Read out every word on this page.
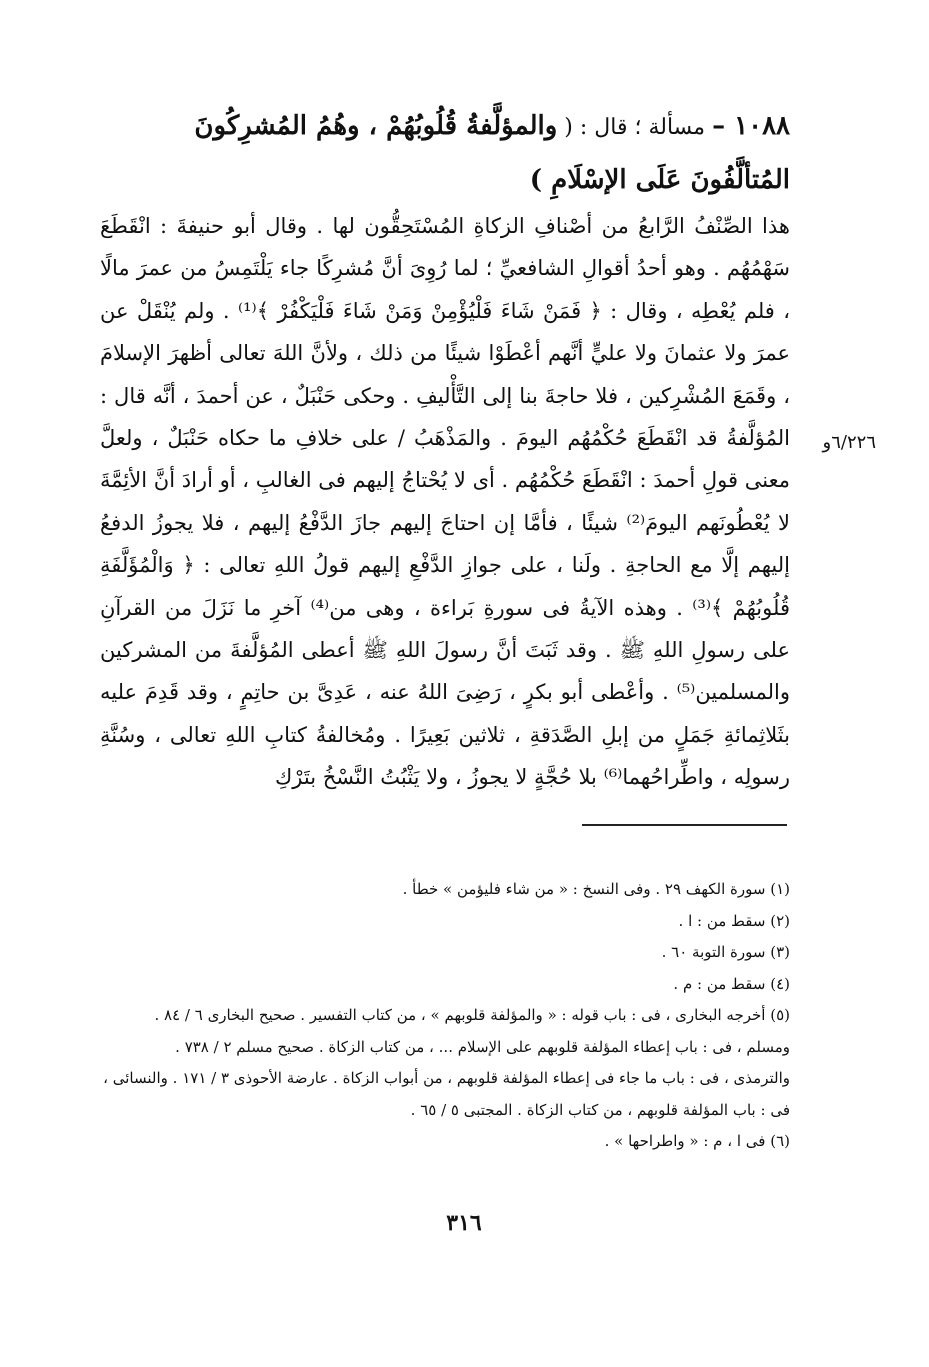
١٠٨٨ – مسألة ؛ قال : ( والمؤلَّفةُ قُلُوبُهُمْ ، وهُمُ المُشرِكُونَ المُتألَّفُونَ عَلَى الإسْلَامِ )
٦/٢٢٦و
هذا الصِّنْفُ الرَّابعُ من أصْنافِ الزكاةِ المُسْتَحِقُّون لها . وقال أبو حنيفةَ : انْقَطَعَ سَهْمُهُم . وهو أحدُ أقوالِ الشافعيِّ ؛ لما رُوِىَ أنَّ مُشرِكًا جاء يَلْتَمِسُ من عمرَ مالًا ، فلم يُعْطِه ، وقال : ﴿ فَمَنْ شَاءَ فَلْيُؤْمِنْ وَمَنْ شَاءَ فَلْيَكْفُرْ ﴾⁽¹⁾ . ولم يُنْقَلْ عن عمرَ ولا عثمانَ ولا عليٍّ أنَّهم أعْطَوْا شيئًا من ذلك ، ولأنَّ اللهَ تعالى أظهرَ الإسلامَ ، وقَمَعَ المُشْرِكين ، فلا حاجةَ بنا إلى التَّأْليفِ . وحكى حَنْبَلٌ ، عن أحمدَ ، أنَّه قال : المُؤلَّفةُ قد انْقَطَعَ حُكْمُهُم اليومَ . والمَذْهَبُ / على خلافِ ما حكاه حَنْبَلٌ ، ولعلَّ معنى قولِ أحمدَ : انْقَطَعَ حُكْمُهُم . أى لا يُحْتاجُ إليهم فى الغالبِ ، أو أرادَ أنَّ الأئِمَّةَ لا يُعْطُونَهم اليومَ⁽²⁾ شيئًا ، فأمَّا إن احتاجَ إليهم جازَ الدَّفْعُ إليهم ، فلا يجوزُ الدفعُ إليهم إلَّا مع الحاجةِ . ولَنا ، على جوازِ الدَّفْعِ إليهم قولُ اللهِ تعالى : ﴿ وَالْمُؤَلَّفَةِ قُلُوبُهُمْ ﴾⁽³⁾ . وهذه الآيةُ فى سورةِ بَراءة ، وهى من⁽⁴⁾ آخرِ ما نَزَلَ من القرآنِ على رسولِ اللهِ ﷺ . وقد ثَبَتَ أنَّ رسولَ اللهِ ﷺ أعطى المُؤلَّفةَ من المشركين والمسلمين⁽⁵⁾ . وأعْطى أبو بكرٍ ، رَضِىَ اللهُ عنه ، عَدِىَّ بن حاتِمٍ ، وقد قَدِمَ عليه بثَلاثِمائةِ جَمَلٍ من إبلِ الصَّدَقةِ ، ثلاثين بَعِيرًا . ومُخالفةُ كتابِ اللهِ تعالى ، وسُنَّةِ رسولِه ، واطِّراحُهما⁽⁶⁾ بلا حُجَّةٍ لا يجوزُ ، ولا يَثْبُتُ النَّسْخُ بتَرْكِ
(١) سورة الكهف ٢٩ . وفى النسخ : « من شاء فليؤمن » خطأ .
(٢) سقط من : ا .
(٣) سورة التوبة ٦٠ .
(٤) سقط من : م .
(٥) أخرجه البخارى ، فى : باب قوله : « والمؤلفة قلوبهم » ، من كتاب التفسير . صحيح البخارى ٦ / ٨٤ .
ومسلم ، فى : باب إعطاء المؤلفة قلوبهم على الإسلام ... ، من كتاب الزكاة . صحيح مسلم ٢ / ٧٣٨ .
والترمذى ، فى : باب ما جاء فى إعطاء المؤلفة قلوبهم ، من أبواب الزكاة . عارضة الأحوذى ٣ / ١٧١ . والنسائى ،
فى : باب المؤلفة قلوبهم ، من كتاب الزكاة . المجتبى ٥ / ٦٥ .
(٦) فى ا ، م : « واطراحها » .
٣١٦
